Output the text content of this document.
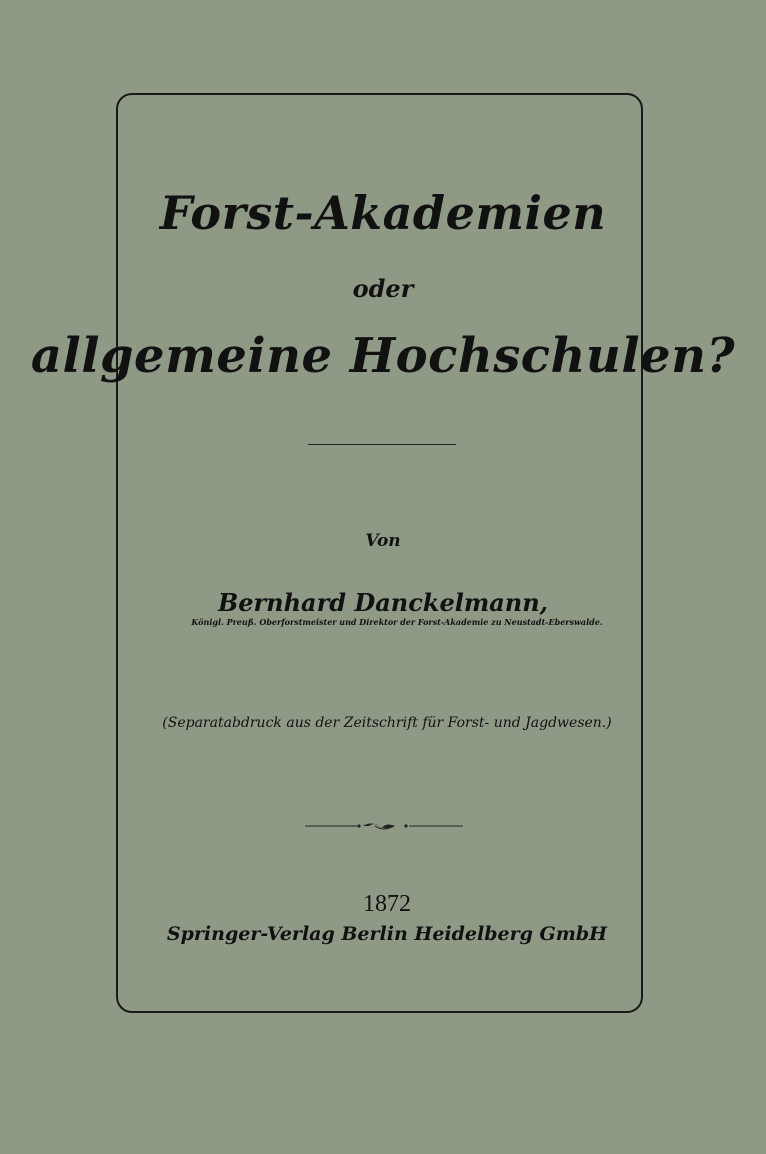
Forst-Akademien
oder
allgemeine Hochschulen?
Von
Bernhard Danckelmann,
Königl. Preuß. Oberforstmeister und Direktor der Forst-Akademie zu Neustadt-Eberswalde.
(Separatabdruck aus der Zeitschrift für Forst- und Jagdwesen.)
1872
Springer-Verlag Berlin Heidelberg GmbH
